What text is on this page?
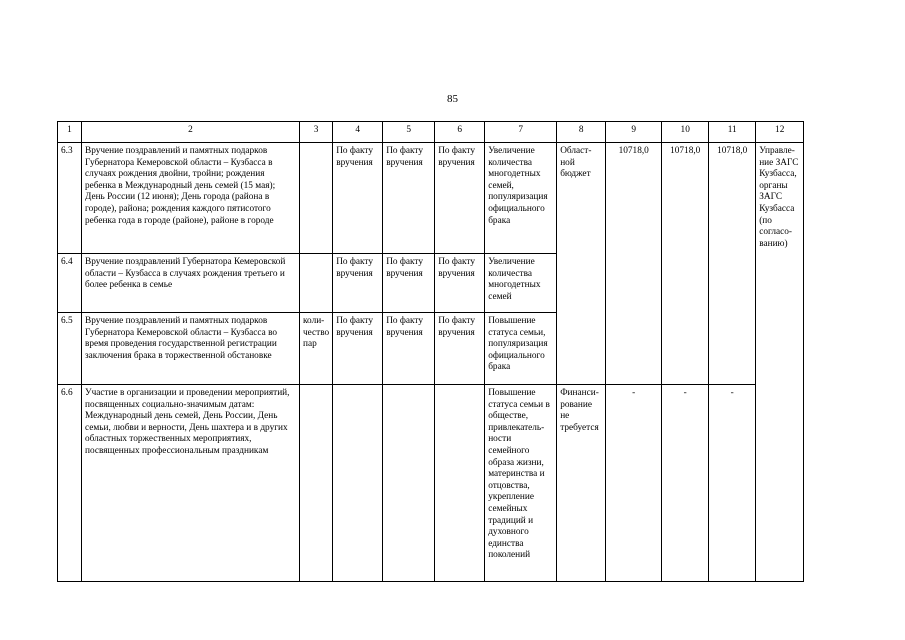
85
1	2	3	4	5	6	7	8	9	10	11	12
6.3	Вручение поздравлений и памятных подарков Губернатора Кемеровской области – Кузбасса в случаях рождения двойни, тройни; рождения ребенка в Международный день семей (15 мая); День России (12 июня); День города (района в городе), района; рождения каждого пятисотого ребенка года в городе (районе), районе в городе		По факту вручения	По факту вручения	По факту вручения	Увеличение количества многодетных семей, популяризация официального брака	Област-ной бюджет	10718,0	10718,0	10718,0	Управле-ние ЗАГС Кузбасса, органы ЗАГС Кузбасса (по согласо-ванию)
6.4	Вручение поздравлений Губернатора Кемеровской области – Кузбасса в случаях рождения третьего и более ребенка в семье		По факту вручения	По факту вручения	По факту вручения	Увеличение количества многодетных семей					
6.5	Вручение поздравлений и памятных подарков Губернатора Кемеровской области – Кузбасса во время проведения государственной регистрации заключения брака в торжественной обстановке	коли-чество пар	По факту вручения	По факту вручения	По факту вручения	Повышение статуса семьи, популяризация официального брака					
6.6	Участие в организации и проведении мероприятий, посвященных социально-значимым датам: Международный день семей, День России, День семьи, любви и верности, День шахтера и в других областных торжественных мероприятиях, посвященных профессиональным праздникам					Повышение статуса семьи в обществе, привлекатель-ности семейного образа жизни, материнства и отцовства, укрепление семейных традиций и духовного единства поколений	Финанси-рование не требуется	-	-	-	
